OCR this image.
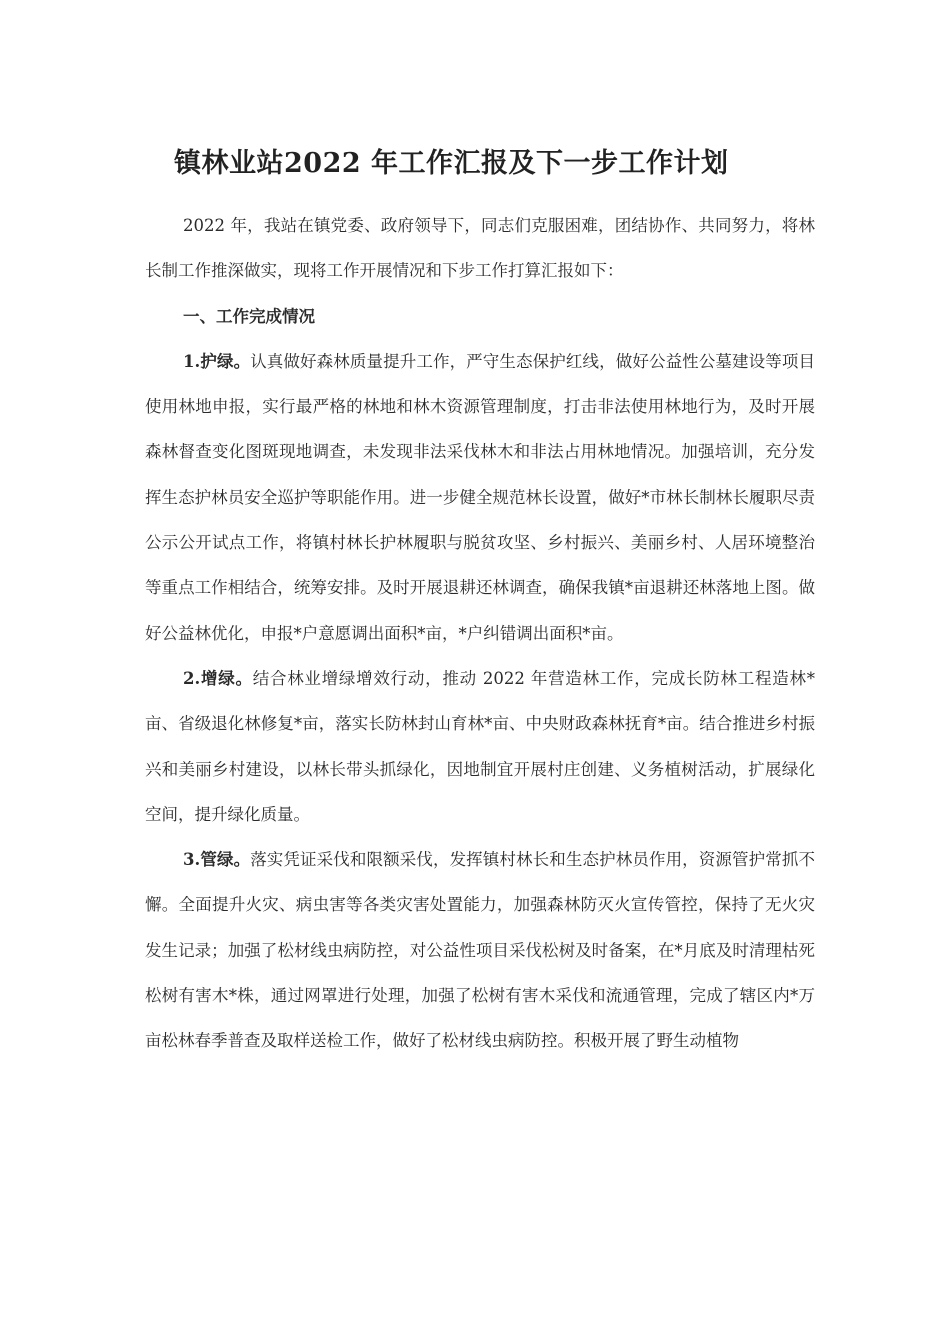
镇林业站2022 年工作汇报及下一步工作计划

2022 年，我站在镇党委、政府领导下，同志们克服困难，团结协作、共同努力，将林长制工作推深做实，现将工作开展情况和下步工作打算汇报如下：

一、工作完成情况

1.护绿。认真做好森林质量提升工作，严守生态保护红线，做好公益性公墓建设等项目使用林地申报，实行最严格的林地和林木资源管理制度，打击非法使用林地行为，及时开展森林督查变化图斑现地调查，未发现非法采伐林木和非法占用林地情况。加强培训，充分发挥生态护林员安全巡护等职能作用。进一步健全规范林长设置，做好*市林长制林长履职尽责公示公开试点工作，将镇村林长护林履职与脱贫攻坚、乡村振兴、美丽乡村、人居环境整治等重点工作相结合，统筹安排。及时开展退耕还林调查，确保我镇*亩退耕还林落地上图。做好公益林优化，申报*户意愿调出面积*亩，*户纠错调出面积*亩。

2.增绿。结合林业增绿增效行动，推动 2022 年营造林工作，完成长防林工程造林*亩、省级退化林修复*亩，落实长防林封山育林*亩、中央财政森林抚育*亩。结合推进乡村振兴和美丽乡村建设，以林长带头抓绿化，因地制宜开展村庄创建、义务植树活动，扩展绿化空间，提升绿化质量。

3.管绿。落实凭证采伐和限额采伐，发挥镇村林长和生态护林员作用，资源管护常抓不懈。全面提升火灾、病虫害等各类灾害处置能力，加强森林防灭火宣传管控，保持了无火灾发生记录；加强了松材线虫病防控，对公益性项目采伐松树及时备案，在*月底及时清理枯死松树有害木*株，通过网罩进行处理，加强了松树有害木采伐和流通管理，完成了辖区内*万亩松林春季普查及取样送检工作，做好了松材线虫病防控。积极开展了野生动植物
